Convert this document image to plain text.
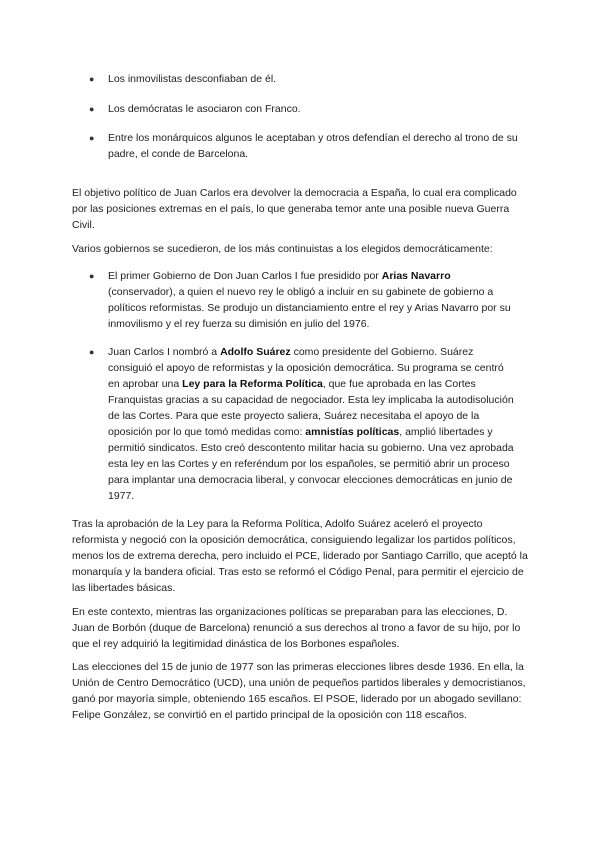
● Los inmovilistas desconfiaban de él.
● Los demócratas le asociaron con Franco.
● Entre los monárquicos algunos le aceptaban y otros defendían el derecho al trono de su padre, el conde de Barcelona.

El objetivo político de Juan Carlos era devolver la democracia a España, lo cual era complicado por las posiciones extremas en el país, lo que generaba temor ante una posible nueva Guerra Civil.

Varios gobiernos se sucedieron, de los más continuistas a los elegidos democráticamente:

● El primer Gobierno de Don Juan Carlos I fue presidido por Arias Navarro (conservador), a quien el nuevo rey le obligó a incluir en su gabinete de gobierno a políticos reformistas. Se produjo un distanciamiento entre el rey y Arias Navarro por su inmovilismo y el rey fuerza su dimisión en julio del 1976.
● Juan Carlos I nombró a Adolfo Suárez como presidente del Gobierno. Suárez consiguió el apoyo de reformistas y la oposición democrática. Su programa se centró en aprobar una Ley para la Reforma Política, que fue aprobada en las Cortes Franquistas gracias a su capacidad de negociador. Esta ley implicaba la autodisolución de las Cortes. Para que este proyecto saliera, Suárez necesitaba el apoyo de la oposición por lo que tomó medidas como: amnistías políticas, amplió libertades y permitió sindicatos. Esto creó descontento militar hacia su gobierno. Una vez aprobada esta ley en las Cortes y en referéndum por los españoles, se permitió abrir un proceso para implantar una democracia liberal, y convocar elecciones democráticas en junio de 1977.

Tras la aprobación de la Ley para la Reforma Política, Adolfo Suárez aceleró el proyecto reformista y negoció con la oposición democrática, consiguiendo legalizar los partidos políticos, menos los de extrema derecha, pero incluido el PCE, liderado por Santiago Carrillo, que aceptó la monarquía y la bandera oficial. Tras esto se reformó el Código Penal, para permitir el ejercicio de las libertades básicas.

En este contexto, mientras las organizaciones políticas se preparaban para las elecciones, D. Juan de Borbón (duque de Barcelona) renunció a sus derechos al trono a favor de su hijo, por lo que el rey adquirió la legitimidad dinástica de los Borbones españoles.

Las elecciones del 15 de junio de 1977 son las primeras elecciones libres desde 1936. En ella, la Unión de Centro Democrático (UCD), una unión de pequeños partidos liberales y democristianos, ganó por mayoría simple, obteniendo 165 escaños. El PSOE, liderado por un abogado sevillano: Felipe González, se convirtió en el partido principal de la oposición con 118 escaños.
